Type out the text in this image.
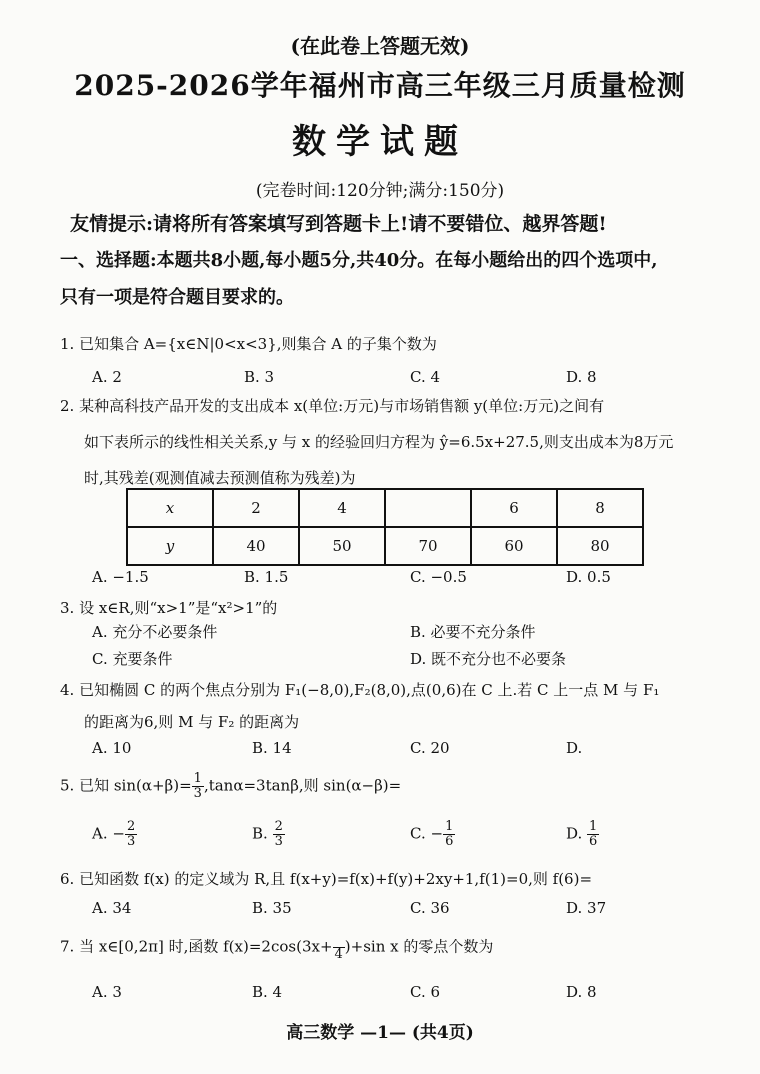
(在此卷上答题无效)
2025-2026学年福州市高三年级三月质量检测
数学试题
(完卷时间:120分钟;满分:150分)
友情提示:请将所有答案填写到答题卡上!请不要错位、越界答题!
一、选择题:本题共8小题,每小题5分,共40分。在每小题给出的四个选项中,
只有一项是符合题目要求的。
1. 已知集合 A={x∈N|0<x<3},则集合 A 的子集个数为
A. 2	B. 3	C. 4	D. 8
2. 某种高科技产品开发的支出成本 x(单位:万元)与市场销售额 y(单位:万元)之间有
如下表所示的线性相关关系,y 与 x 的经验回归方程为 ŷ=6.5x+27.5,则支出成本为8万元
时,其残差(观测值减去预测值称为残差)为
x	2	4		6	8
y	40	50	70	60	80
A. −1.5	B. 1.5	C. −0.5	D. 0.5
3. 设 x∈R,则“x>1”是“x²>1”的
A. 充分不必要条件	B. 必要不充分条件
C. 充要条件	D. 既不充分也不必要条
4. 已知椭圆 C 的两个焦点分别为 F₁(−8,0),F₂(8,0),点(0,6)在 C 上.若 C 上一点 M 与 F₁
的距离为6,则 M 与 F₂ 的距离为
A. 10	B. 14	C. 20	D.
5. 已知 $\sin(\alpha+\beta)= \frac{1}{3} ,\tan\alpha=3\tan\beta$,则 sin(α−β)=
A. − $\frac{2}{3}$	B. $\frac{2}{3}$	C. − $\frac{1}{6}$	D. $\frac{1}{6}$
6. 已知函数 f(x) 的定义域为 R,且 f(x+y)=f(x)+f(y)+2xy+1,f(1)=0,则 f(6)=
A. 34	B. 35	C. 36	D. 37
7. 当 x∈[0,2π] 时,函数 f(x)=2cos(3x+
4 )+sin x 的零点个数为
A. 3	B. 4	C. 6	D. 8
高三数学 —1— (共4页)
